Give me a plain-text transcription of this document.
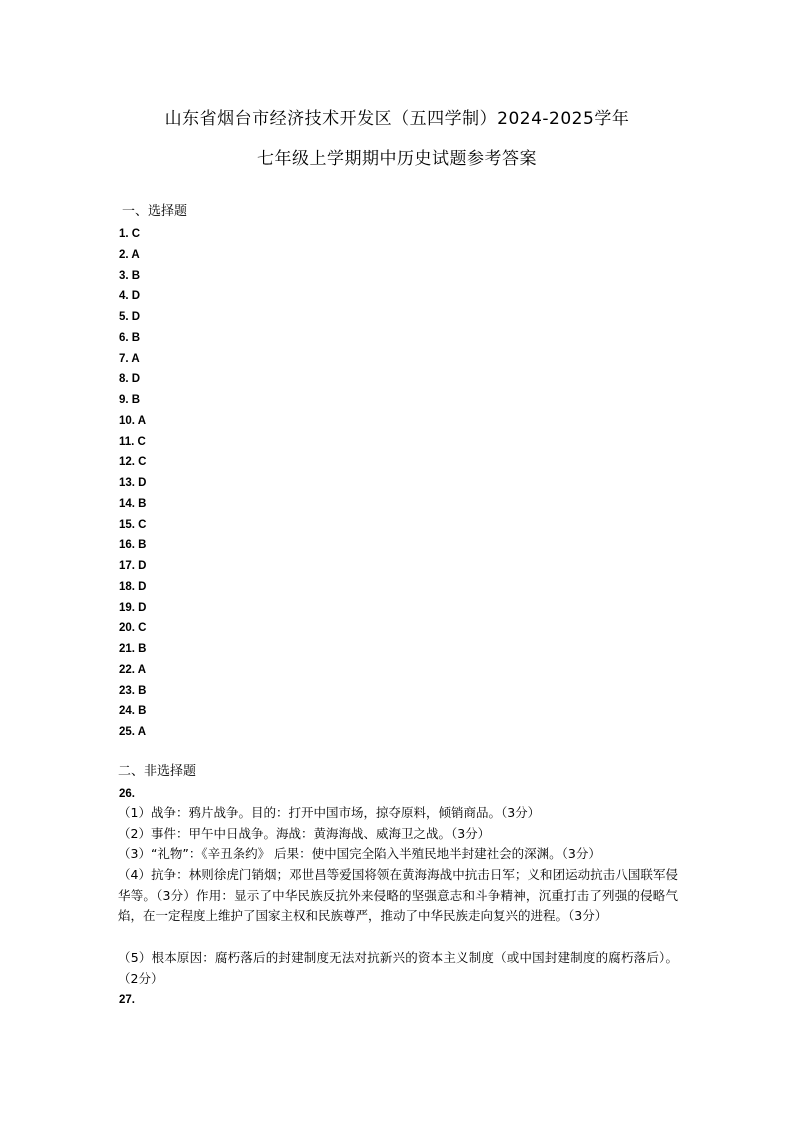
山东省烟台市经济技术开发区（五四学制）2024-2025学年
七年级上学期期中历史试题参考答案
一、选择题
1. C
2. A
3. B
4. D
5. D
6. B
7. A
8. D
9. B
10. A
11. C
12. C
13. D
14. B
15. C
16. B
17. D
18. D
19. D
20. C
21. B
22. A
23. B
24. B
25. A
二、非选择题
26.

（1）战争：鸦片战争。目的：打开中国市场，掠夺原料，倾销商品。（3分）

（2）事件：甲午中日战争。海战：黄海海战、威海卫之战。（3分）

（3）“礼物”：《辛丑条约》 后果：使中国完全陷入半殖民地半封建社会的深渊。（3分）

（4）抗争：林则徐虎门销烟；邓世昌等爱国将领在黄海海战中抗击日军；义和团运动抗击八国联军侵华等。（3分）作用：显示了中华民族反抗外来侵略的坚强意志和斗争精神，沉重打击了列强的侵略气焰，在一定程度上维护了国家主权和民族尊严，推动了中华民族走向复兴的进程。（3分）

（5）根本原因：腐朽落后的封建制度无法对抗新兴的资本主义制度（或中国封建制度的腐朽落后）。（2分）

27.
